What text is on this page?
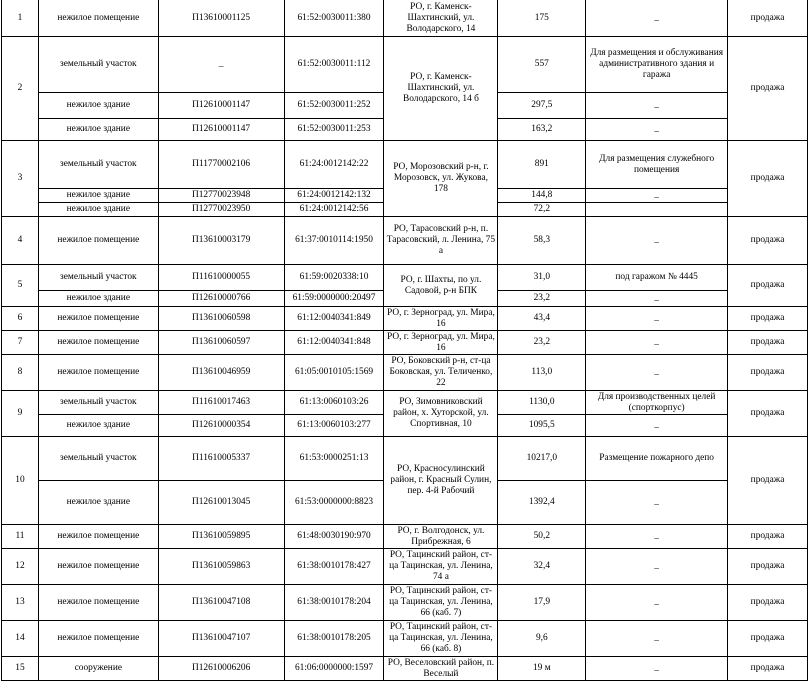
1	нежилое помещение	П13610001125	61:52:0030011:380	РО, г. Каменск-Шахтинский, ул. Володарского, 14	175	_	продажа
2	земельный участок	_	61:52:0030011:112	РО, г. Каменск-Шахтинский, ул. Володарского, 14 б	557	Для размещения и обслуживания административного здания и гаража	продажа
	нежилое здание	П12610001147	61:52:0030011:252		297,5	_	
	нежилое здание	П12610001147	61:52:0030011:253		163,2	_	
3	земельный участок	П11770002106	61:24:0012142:22	РО, Морозовский р-н, г. Морозовск, ул. Жукова, 178	891	Для размещения служебного помещения	продажа
	нежилое здание	П12770023948	61:24:0012142:132		144,8	_	
	нежилое здание	П12770023950	61:24:0012142:56		72,2		
4	нежилое помещение	П13610003179	61:37:0010114:1950	РО, Тарасовский р-н, п. Тарасовский, л. Ленина, 75 а	58,3	_	продажа
5	земельный участок	П11610000055	61:59:0020338:10	РО, г. Шахты, по ул. Садовой, р-н БПК	31,0	под гаражом № 4445	продажа
	нежилое здание	П12610000766	61:59:0000000:20497		23,2	_	
6	нежилое помещение	П13610060598	61:12:0040341:849	РО, г. Зерноград, ул. Мира, 16	43,4	_	продажа
7	нежилое помещение	П13610060597	61:12:0040341:848	РО, г. Зерноград, ул. Мира, 16	23,2	_	продажа
8	нежилое помещение	П13610046959	61:05:0010105:1569	РО, Боковский р-н, ст-ца Боковская, ул. Теличенко, 22	113,0	_	продажа
9	земельный участок	П11610017463	61:13:0060103:26	РО, Зимовниковский район, х. Хуторской, ул. Спортивная, 10	1130,0	Для производственных целей (спорткорпус)	продажа
	нежилое здание	П12610000354	61:13:0060103:277		1095,5	_	
10	земельный участок	П11610005337	61:53:0000251:13	РО, Красносулинский район, г. Красный Сулин, пер. 4-й Рабочий	10217,0	Размещение пожарного депо	продажа
	нежилое здание	П12610013045	61:53:0000000:8823		1392,4	_	
11	нежилое помещение	П13610059895	61:48:0030190:970	РО, г. Волгодонск, ул. Прибрежная, 6	50,2	_	продажа
12	нежилое помещение	П13610059863	61:38:0010178:427	РО, Тацинский район, ст-ца Тацинская, ул. Ленина, 74 а	32,4	_	продажа
13	нежилое помещение	П13610047108	61:38:0010178:204	РО, Тацинский район, ст-ца Тацинская, ул. Ленина, 66 (каб. 7)	17,9	_	продажа
14	нежилое помещение	П13610047107	61:38:0010178:205	РО, Тацинский район, ст-ца Тацинская, ул. Ленина, 66 (каб. 8)	9,6	_	продажа
15	сооружение	П12610006206	61:06:0000000:1597	РО, Веселовский район, п. Веселый	19 м	_	продажа
